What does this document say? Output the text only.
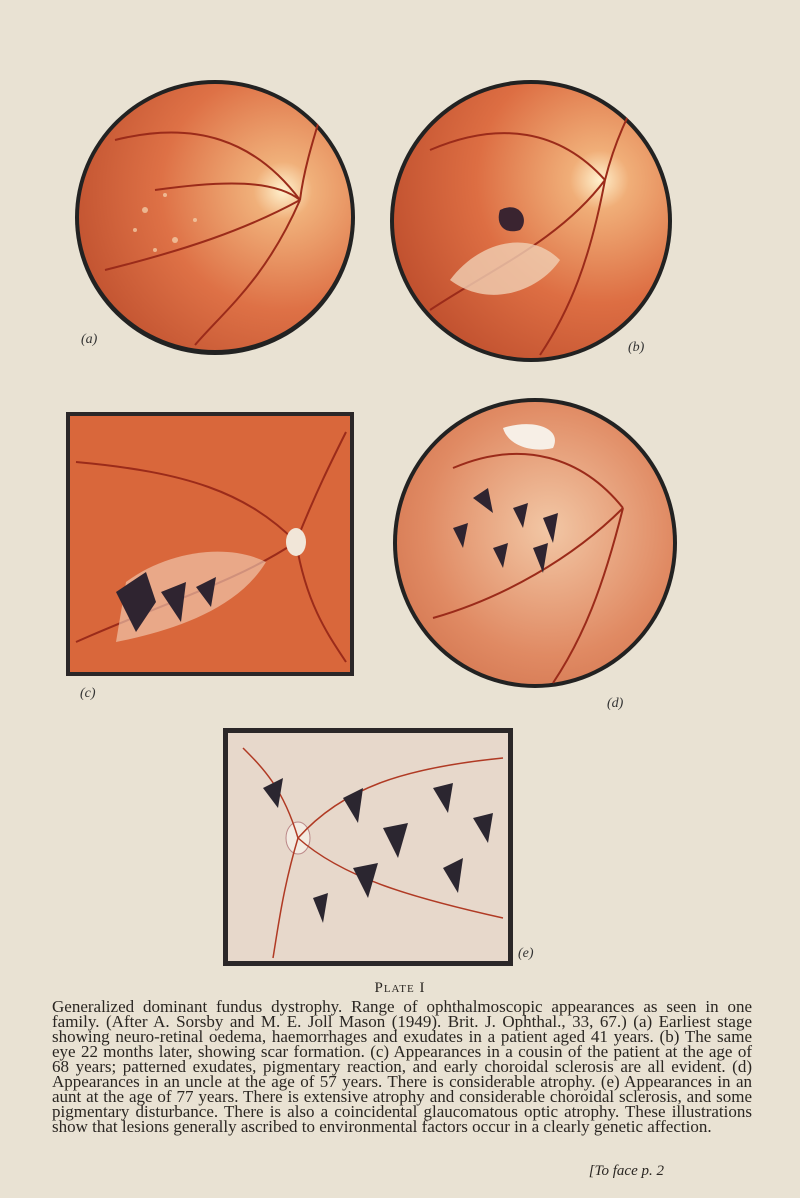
(a)
(b)
(c)
(d)
(e)
Plate I

Generalized dominant fundus dystrophy. Range of ophthalmoscopic appearances as seen in one family. (After A. Sorsby and M. E. Joll Mason (1949). Brit. J. Ophthal., 33, 67.) (a) Earliest stage showing neuro-retinal oedema, haemorrhages and exudates in a patient aged 41 years. (b) The same eye 22 months later, showing scar formation. (c) Appearances in a cousin of the patient at the age of 68 years; patterned exudates, pigmentary reaction, and early choroidal sclerosis are all evident. (d) Appearances in an uncle at the age of 57 years. There is considerable atrophy. (e) Appearances in an aunt at the age of 77 years. There is extensive atrophy and considerable choroidal sclerosis, and some pigmentary disturbance. There is also a coincidental glaucomatous optic atrophy. These illustrations show that lesions generally ascribed to environmental factors occur in a clearly genetic affection.

[To face p. 2
